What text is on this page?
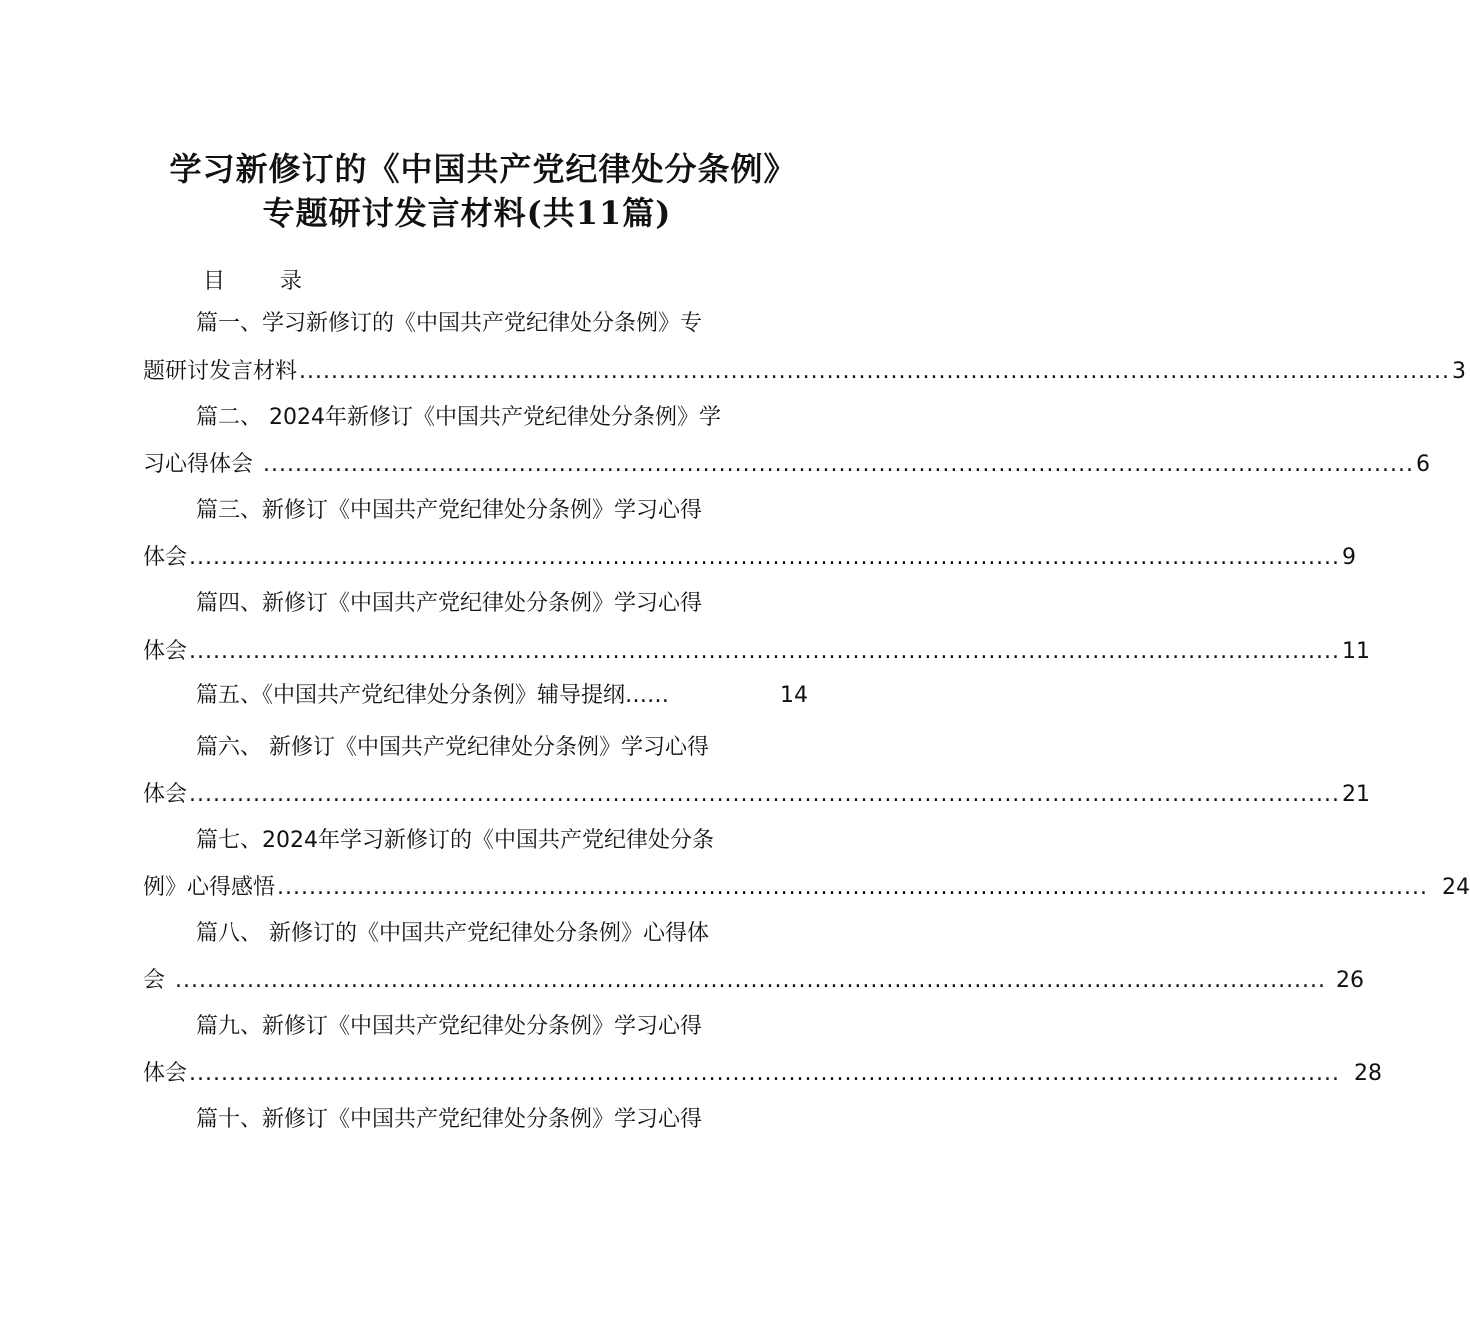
学习新修订的《中国共产党纪律处分条例》
专题研讨发言材料(共11篇)
目 录
篇一、学习新修订的《中国共产党纪律处分条例》专
题研讨发言材料 ................................................................................................................................................ 3
篇二、 2024年新修订《中国共产党纪律处分条例》学
习心得体会 ................................................................................................................................................ 6
篇三、新修订《中国共产党纪律处分条例》学习心得
体会 ................................................................................................................................................ 9
篇四、新修订《中国共产党纪律处分条例》学习心得
体会 ................................................................................................................................................ 11
篇五、《中国共产党纪律处分条例》辅导提纲……	14
篇六、 新修订《中国共产党纪律处分条例》学习心得
体会 ................................................................................................................................................ 21
篇七、2024年学习新修订的《中国共产党纪律处分条
例》心得感悟 ................................................................................................................................................ 24
篇八、 新修订的《中国共产党纪律处分条例》心得体
会 ................................................................................................................................................ 26
篇九、新修订《中国共产党纪律处分条例》学习心得
体会 ................................................................................................................................................ 28
篇十、新修订《中国共产党纪律处分条例》学习心得
